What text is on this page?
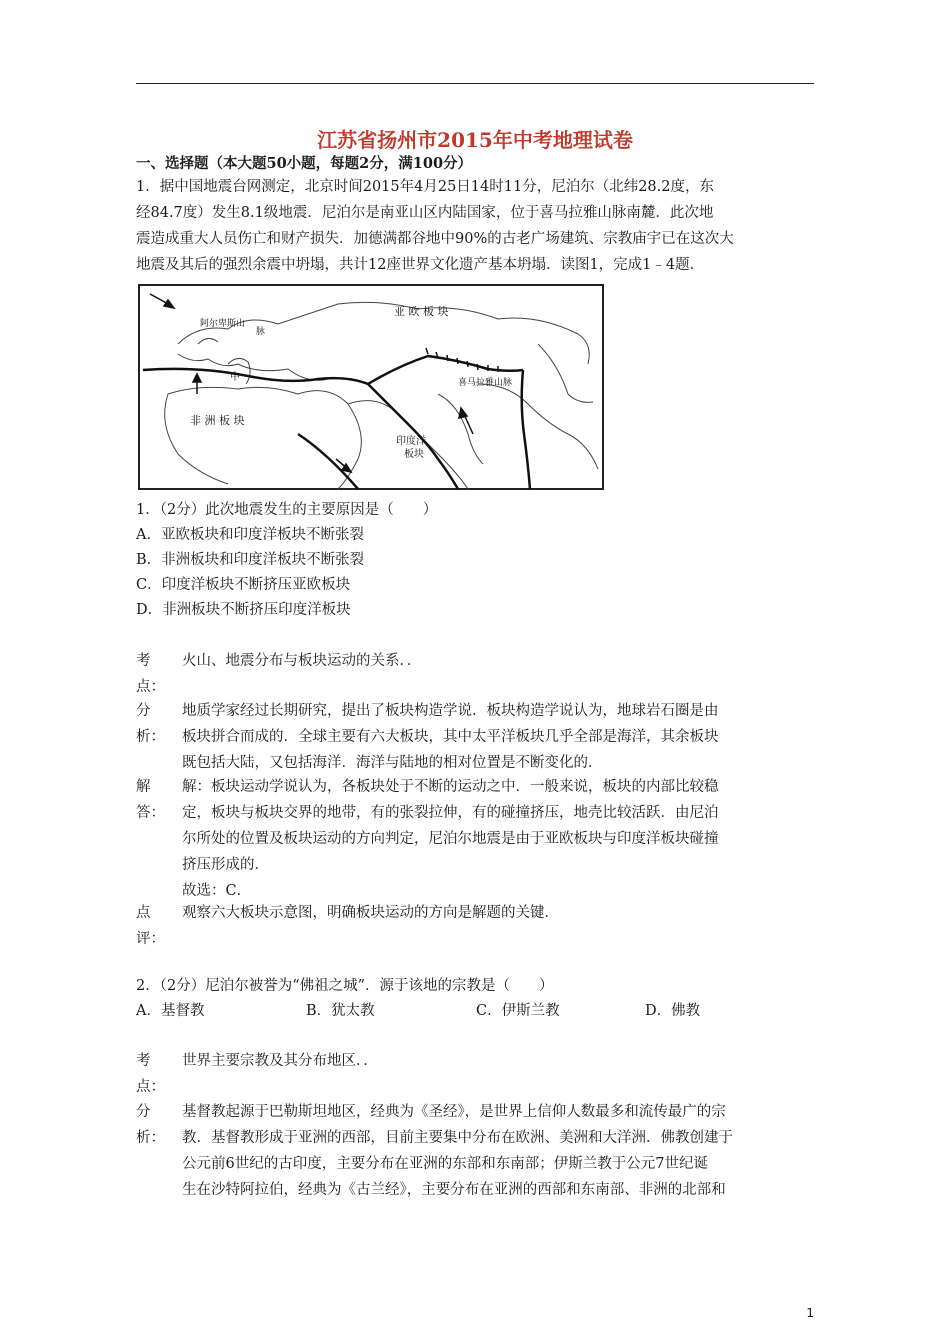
江苏省扬州市2015年中考地理试卷
一、选择题（本大题50小题，每题2分，满100分）
1．据中国地震台网测定，北京时间2015年4月25日14时11分，尼泊尔（北纬28.2度，东
经84.7度）发生8.1级地震．尼泊尔是南亚山区内陆国家，位于喜马拉雅山脉南麓．此次地
震造成重大人员伤亡和财产损失．加德满都谷地中90%的古老广场建筑、宗教庙宇已在这次大
地震及其后的强烈余震中坍塌，共计12座世界文化遗产基本坍塌．读图1，完成1﹣4题．
亚 欧 板 块
非 洲 板 块
印度洋
板块
阿尔卑斯山
脉
喜马拉雅山脉
中
1．（2分）此次地震发生的主要原因是（　　）
A．亚欧板块和印度洋板块不断张裂
B．非洲板块和印度洋板块不断张裂
C．印度洋板块不断挤压亚欧板块
D．非洲板块不断挤压印度洋板块
考
点：
火山、地震分布与板块运动的关系．．
分
析：
地质学家经过长期研究，提出了板块构造学说．板块构造学说认为，地球岩石圈是由
板块拼合而成的．全球主要有六大板块，其中太平洋板块几乎全部是海洋，其余板块
既包括大陆，又包括海洋．海洋与陆地的相对位置是不断变化的．
解
答：
解：板块运动学说认为，各板块处于不断的运动之中．一般来说，板块的内部比较稳
定，板块与板块交界的地带，有的张裂拉伸，有的碰撞挤压，地壳比较活跃．由尼泊
尔所处的位置及板块运动的方向判定，尼泊尔地震是由于亚欧板块与印度洋板块碰撞
挤压形成的．
故选：C．
点
评：
观察六大板块示意图，明确板块运动的方向是解题的关键．
2．（2分）尼泊尔被誉为“佛祖之城”．源于该地的宗教是（　　）
A．基督教	B．犹太教	C．伊斯兰教	D．佛教
考
点：
世界主要宗教及其分布地区．．
分
析：
基督教起源于巴勒斯坦地区，经典为《圣经》，是世界上信仰人数最多和流传最广的宗
教．基督教形成于亚洲的西部，目前主要集中分布在欧洲、美洲和大洋洲．佛教创建于
公元前6世纪的古印度，主要分布在亚洲的东部和东南部；伊斯兰教于公元7世纪诞
生在沙特阿拉伯，经典为《古兰经》，主要分布在亚洲的西部和东南部、非洲的北部和
1
